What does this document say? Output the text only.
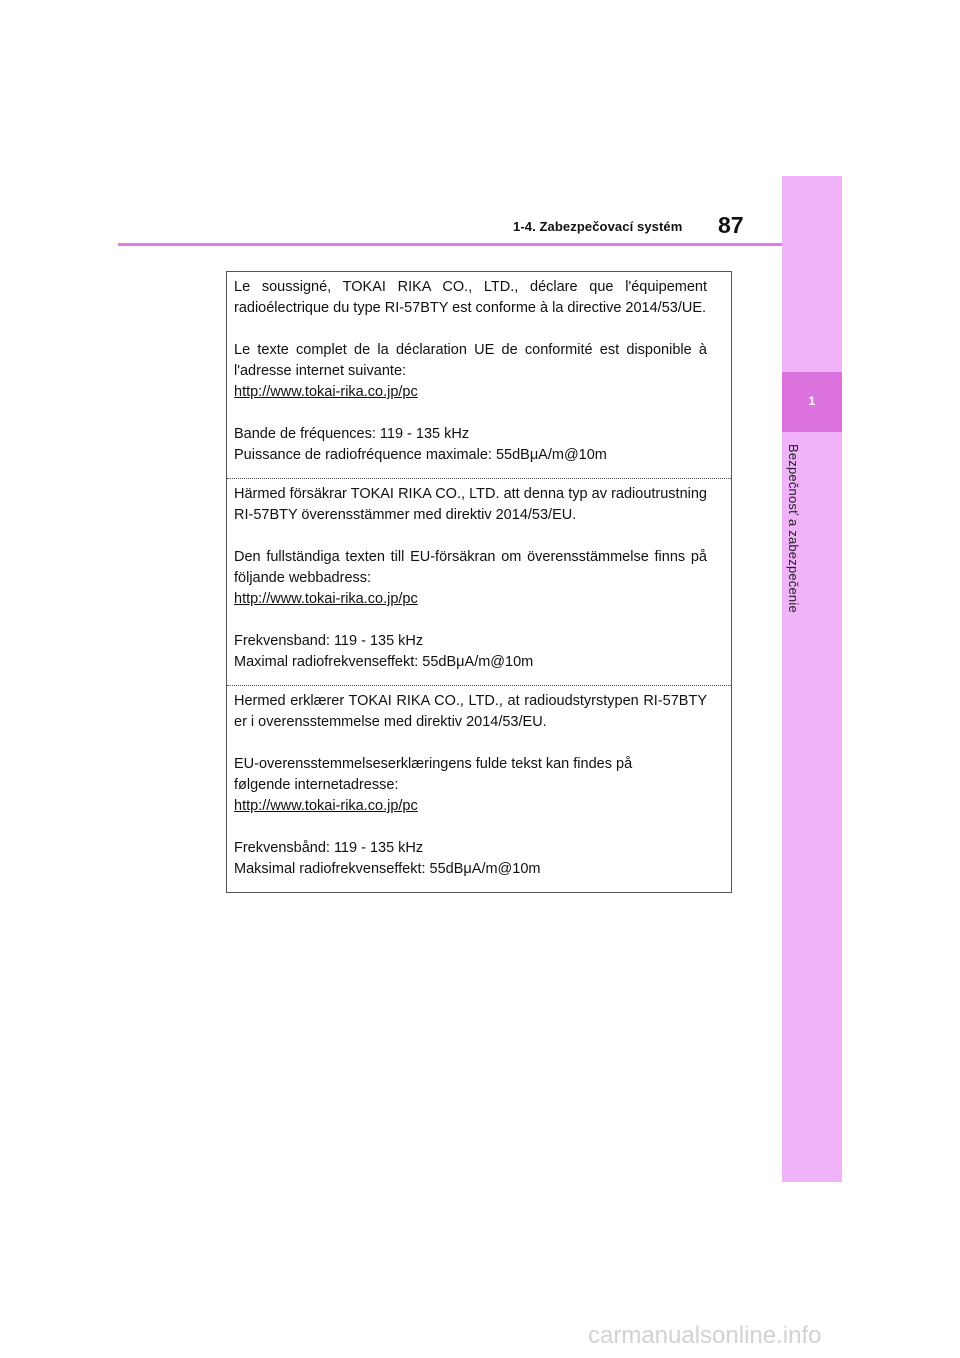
1-4. Zabezpečovací systém 87
1
Bezpečnosť a zabezpečenie

Le soussigné, TOKAI RIKA CO., LTD., déclare que l'équipement radioélectrique du type RI-57BTY est conforme à la directive 2014/53/UE.

Le texte complet de la déclaration UE de conformité est disponible à l'adresse internet suivante:

http://www.tokai-rika.co.jp/pc

Bande de fréquences: 119 - 135 kHz

Puissance de radiofréquence maximale: 55dBμA/m@10m

Härmed försäkrar TOKAI RIKA CO., LTD. att denna typ av radioutrustning RI-57BTY överensstämmer med direktiv 2014/53/EU.

Den fullständiga texten till EU-försäkran om överensstämmelse finns på följande webbadress:

http://www.tokai-rika.co.jp/pc

Frekvensband: 119 - 135 kHz

Maximal radiofrekvenseffekt: 55dBμA/m@10m

Hermed erklærer TOKAI RIKA CO., LTD., at radioudstyrstypen RI-57BTY er i overensstemmelse med direktiv 2014/53/EU.

EU-overensstemmelseserklæringens fulde tekst kan findes på

følgende internetadresse:

http://www.tokai-rika.co.jp/pc

Frekvensbånd: 119 - 135 kHz

Maksimal radiofrekvenseffekt: 55dBμA/m@10m

carmanualsonline.info
